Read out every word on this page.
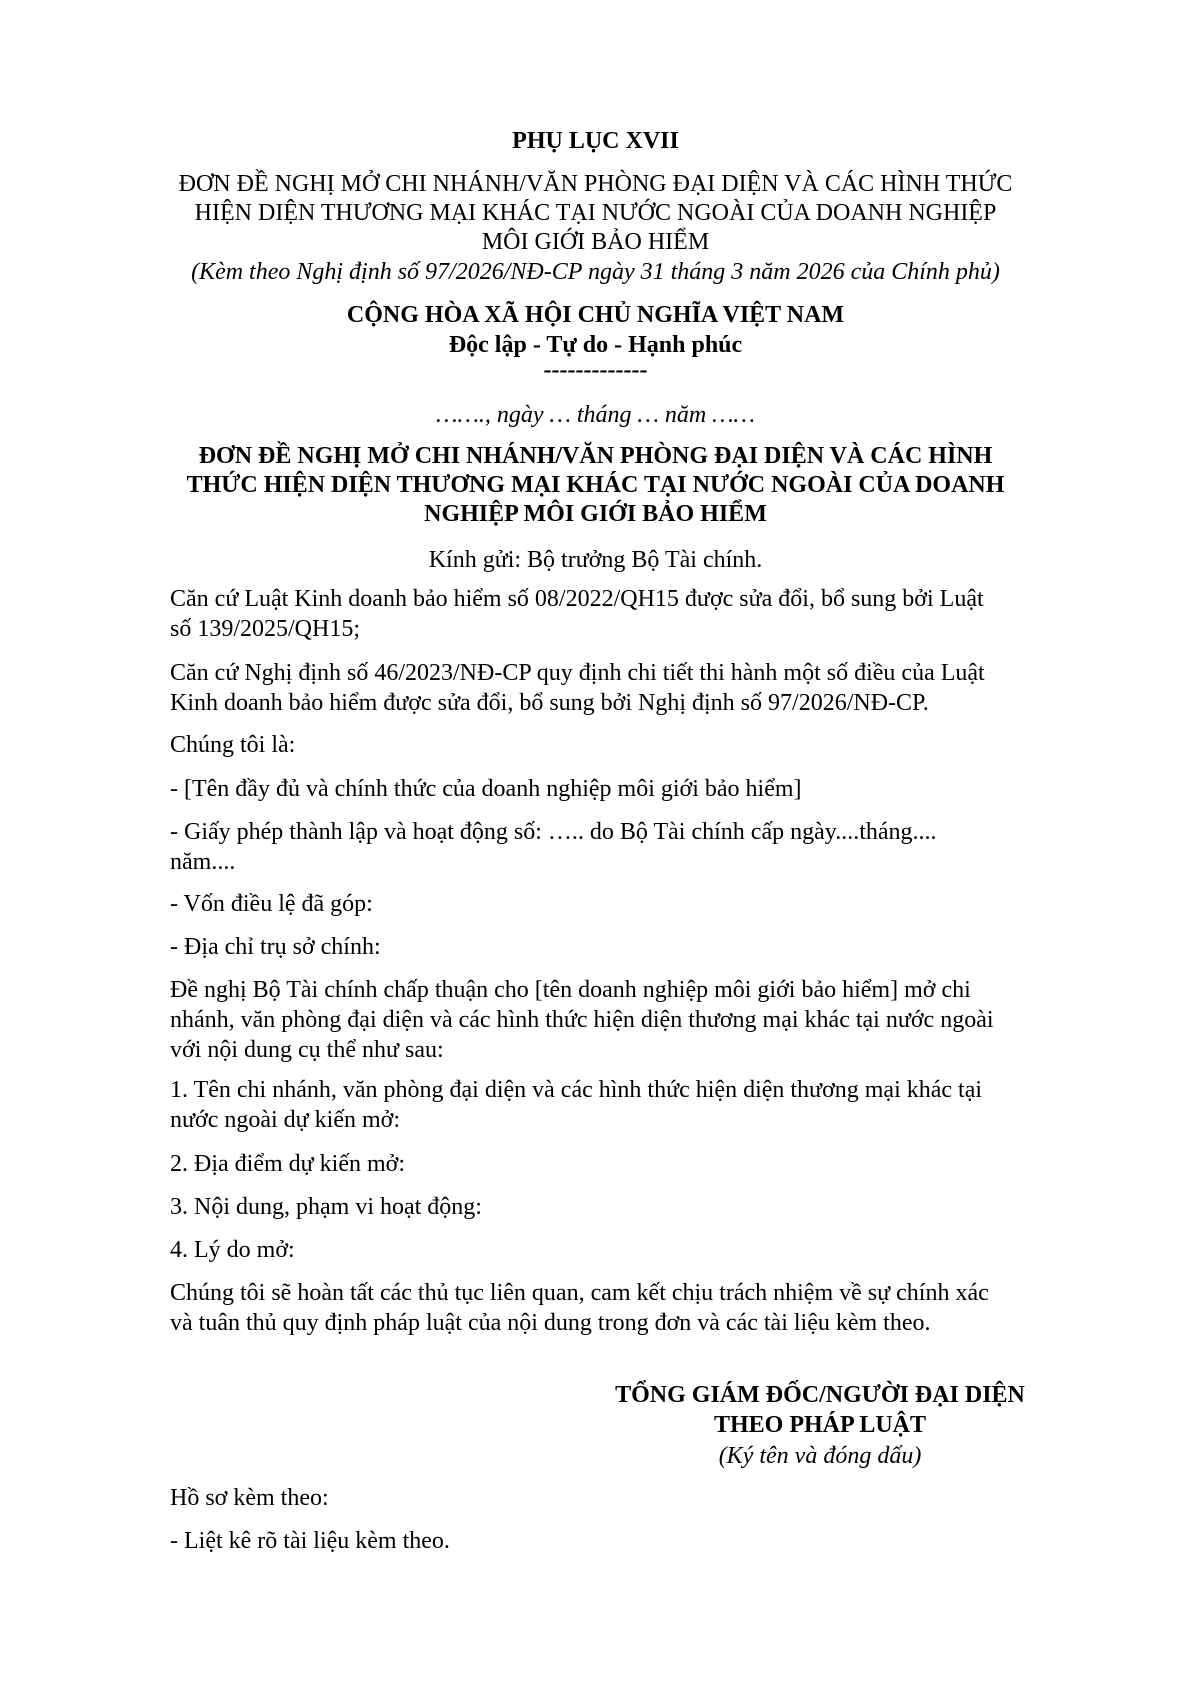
PHỤ LỤC XVII

ĐƠN ĐỀ NGHỊ MỞ CHI NHÁNH/VĂN PHÒNG ĐẠI DIỆN VÀ CÁC HÌNH THỨC
HIỆN DIỆN THƯƠNG MẠI KHÁC TẠI NƯỚC NGOÀI CỦA DOANH NGHIỆP
MÔI GIỚI BẢO HIỂM

(Kèm theo Nghị định số 97/2026/NĐ-CP ngày 31 tháng 3 năm 2026 của Chính phủ)

CỘNG HÒA XÃ HỘI CHỦ NGHĨA VIỆT NAM

Độc lập - Tự do - Hạnh phúc

-------------

……., ngày … tháng … năm ……

ĐƠN ĐỀ NGHỊ MỞ CHI NHÁNH/VĂN PHÒNG ĐẠI DIỆN VÀ CÁC HÌNH
THỨC HIỆN DIỆN THƯƠNG MẠI KHÁC TẠI NƯỚC NGOÀI CỦA DOANH
NGHIỆP MÔI GIỚI BẢO HIỂM

Kính gửi: Bộ trưởng Bộ Tài chính.

Căn cứ Luật Kinh doanh bảo hiểm số 08/2022/QH15 được sửa đổi, bổ sung bởi Luật

số 139/2025/QH15;

Căn cứ Nghị định số 46/2023/NĐ-CP quy định chi tiết thi hành một số điều của Luật

Kinh doanh bảo hiểm được sửa đổi, bổ sung bởi Nghị định số 97/2026/NĐ-CP.

Chúng tôi là:

- [Tên đầy đủ và chính thức của doanh nghiệp môi giới bảo hiểm]

- Giấy phép thành lập và hoạt động số: ….. do Bộ Tài chính cấp ngày....tháng....

năm....

- Vốn điều lệ đã góp:

- Địa chỉ trụ sở chính:

Đề nghị Bộ Tài chính chấp thuận cho [tên doanh nghiệp môi giới bảo hiểm] mở chi

nhánh, văn phòng đại diện và các hình thức hiện diện thương mại khác tại nước ngoài

với nội dung cụ thể như sau:

1. Tên chi nhánh, văn phòng đại diện và các hình thức hiện diện thương mại khác tại

nước ngoài dự kiến mở:

2. Địa điểm dự kiến mở:

3. Nội dung, phạm vi hoạt động:

4. Lý do mở:

Chúng tôi sẽ hoàn tất các thủ tục liên quan, cam kết chịu trách nhiệm về sự chính xác

và tuân thủ quy định pháp luật của nội dung trong đơn và các tài liệu kèm theo.

TỔNG GIÁM ĐỐC/NGƯỜI ĐẠI DIỆN
THEO PHÁP LUẬT
(Ký tên và đóng dấu)

Hồ sơ kèm theo:

- Liệt kê rõ tài liệu kèm theo.
